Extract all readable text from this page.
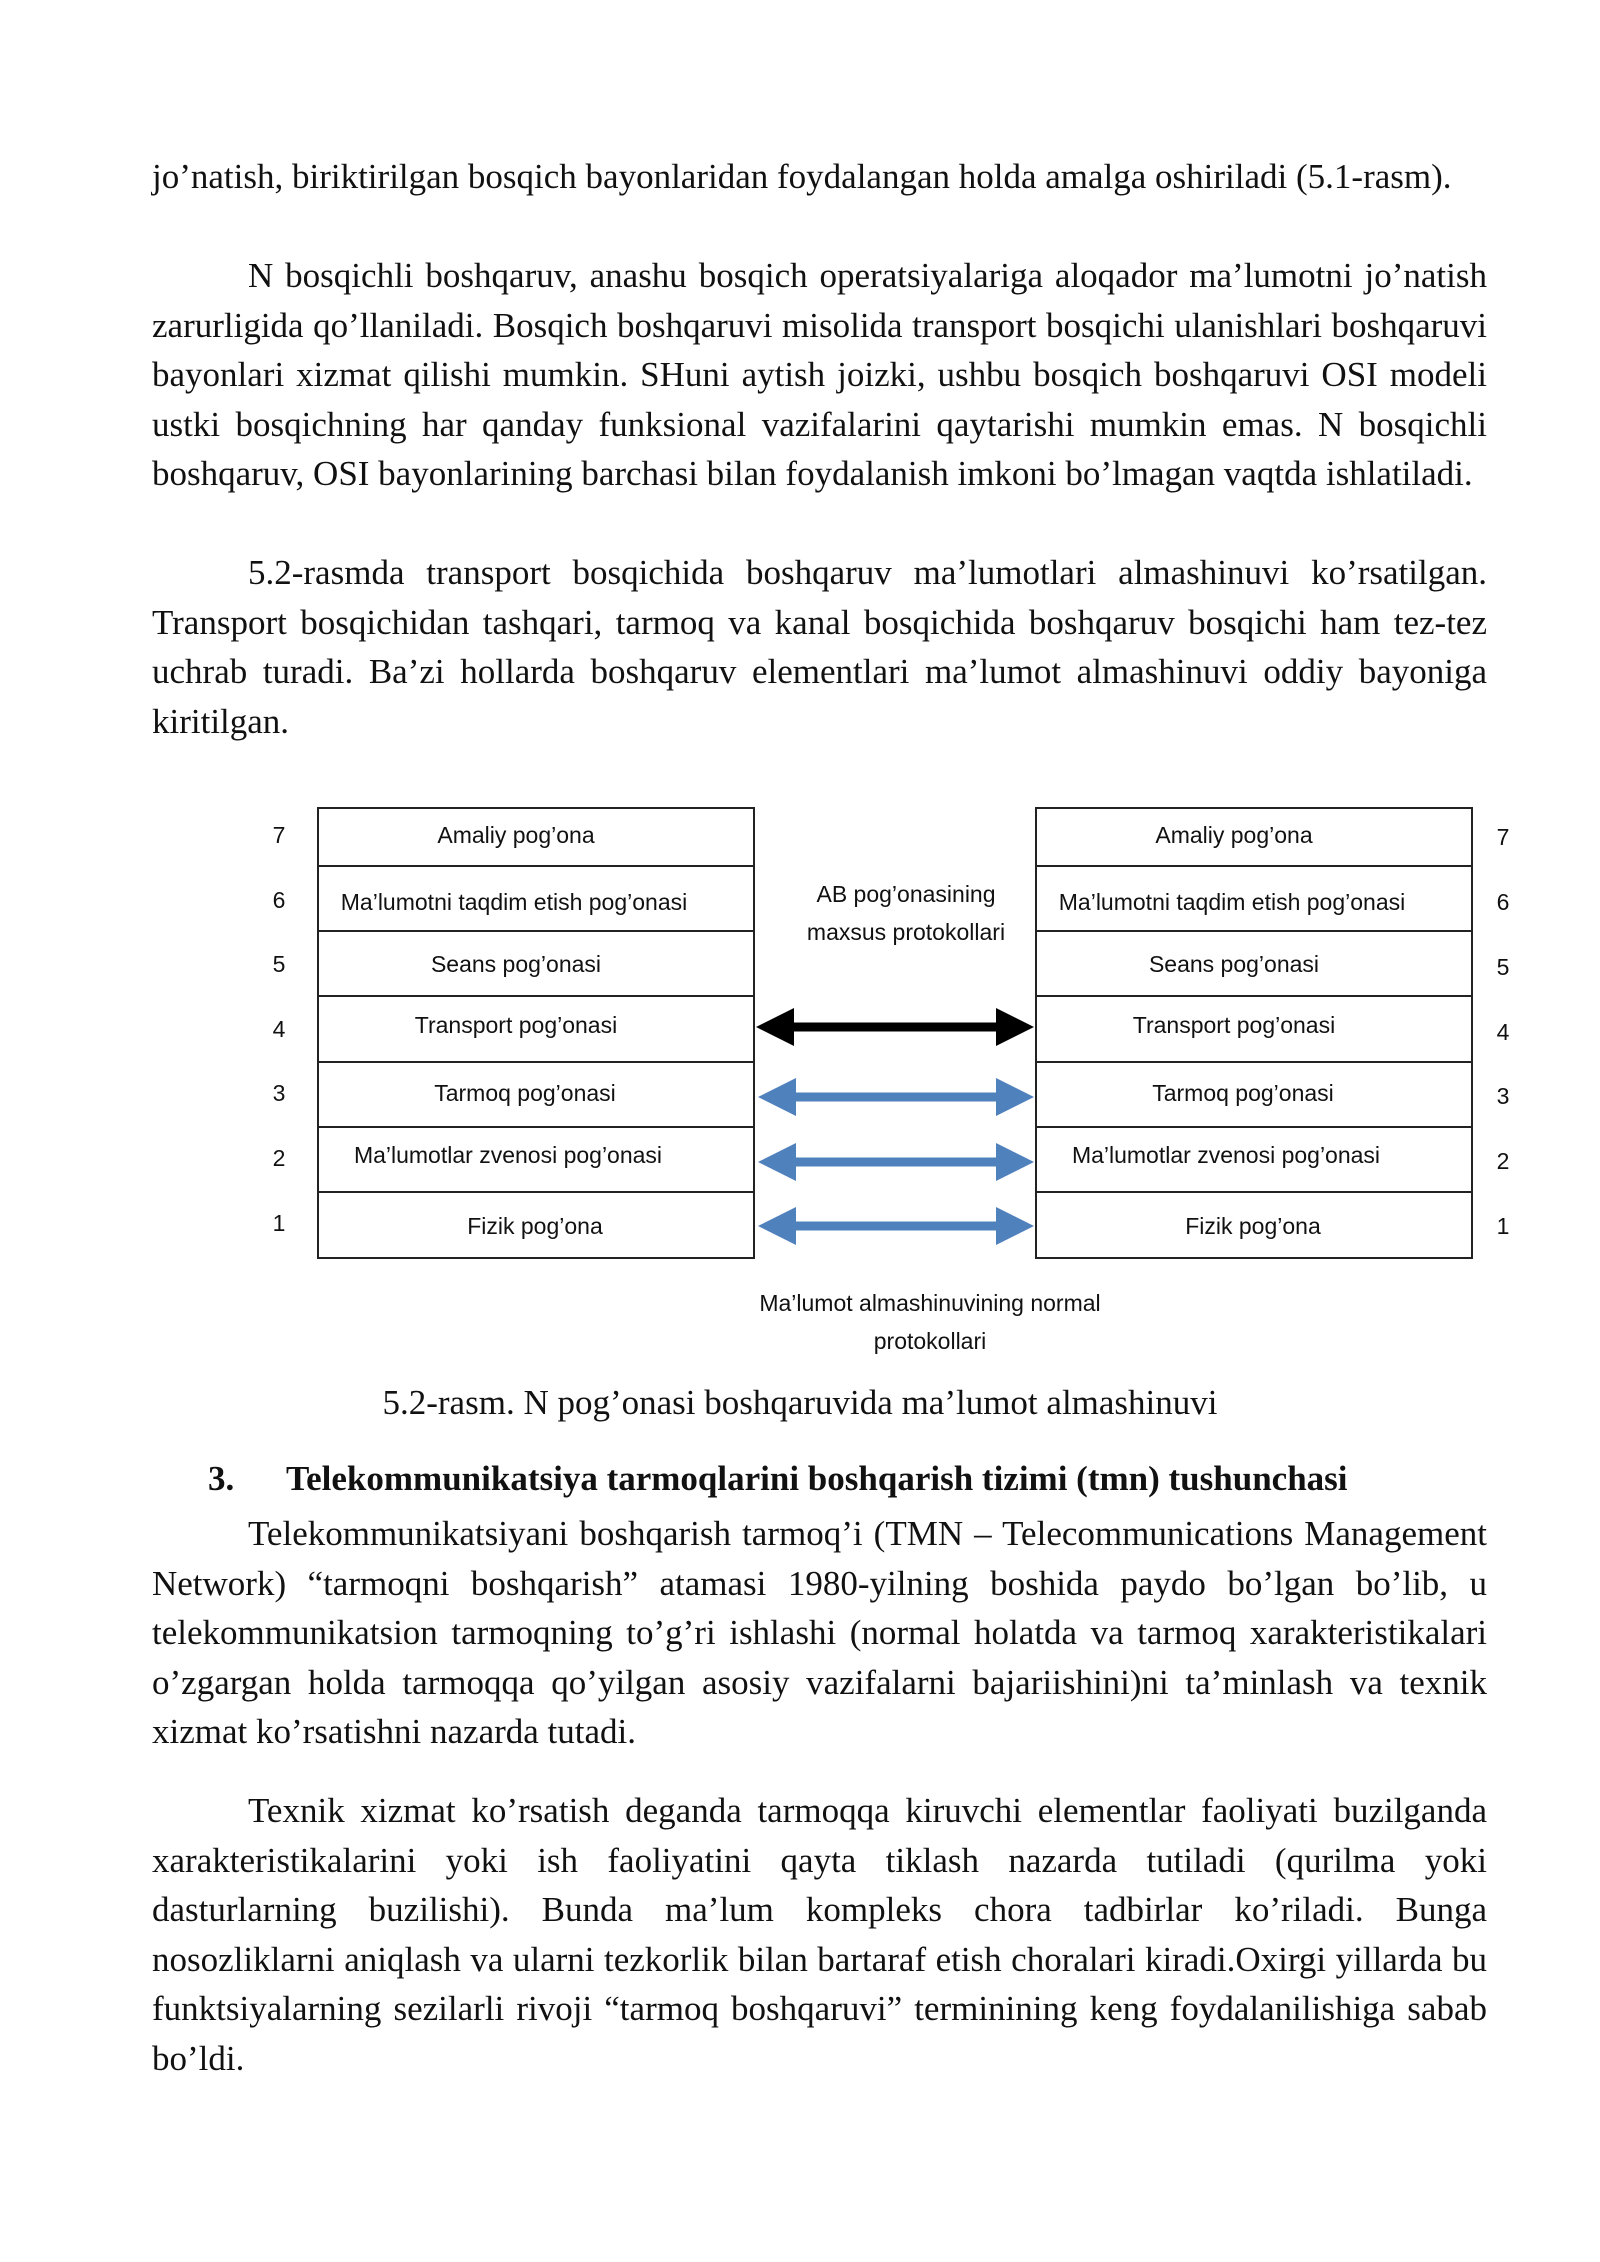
jo’natish, biriktirilgan bosqich bayonlaridan foydalangan holda amalga oshiriladi (5.1-rasm).

N bosqichli boshqaruv, anashu bosqich operatsiyalariga aloqador ma’lumotni jo’natish zarurligida qo’llaniladi. Bosqich boshqaruvi misolida transport bosqichi ulanishlari boshqaruvi bayonlari xizmat qilishi mumkin. SHuni aytish joizki, ushbu bosqich boshqaruvi OSI modeli ustki bosqichning har qanday funksional vazifalarini qaytarishi mumkin emas. N bosqichli boshqaruv, OSI bayonlarining barchasi bilan foydalanish imkoni bo’lmagan vaqtda ishlatiladi.

5.2-rasmda transport bosqichida boshqaruv ma’lumotlari almashinuvi ko’rsatilgan. Transport bosqichidan tashqari, tarmoq va kanal bosqichida boshqaruv bosqichi ham tez-tez uchrab turadi. Ba’zi hollarda boshqaruv elementlari ma’lumot almashinuvi oddiy bayoniga kiritilgan.

Amaliy pog’ona
Ma’lumotni taqdim etish pog’onasi
Seans pog’onasi
Transport pog’onasi
Tarmoq pog’onasi
Ma’lumotlar zvenosi pog’onasi
Fizik pog’ona
Amaliy pog’ona
Ma’lumotni taqdim etish pog’onasi
Seans pog’onasi
Transport pog’onasi
Tarmoq pog’onasi
Ma’lumotlar zvenosi pog’onasi
Fizik pog’ona
7
6
5
4
3
2
1
7
6
5
4
3
2
1
AB pog’onasining
maxsus protokollari
Ma’lumot almashinuvining normal
protokollari

5.2-rasm. N pog’onasi boshqaruvida ma’lumot almashinuvi

3. Telekommunikatsiya tarmoqlarini boshqarish tizimi (tmn) tushunchasi

Telekommunikatsiyani boshqarish tarmoq’i (TMN – Telecommunications Management Network) “tarmoqni boshqarish” atamasi 1980-yilning boshida paydo bo’lgan bo’lib, u telekommunikatsion tarmoqning to’g’ri ishlashi (normal holatda va tarmoq xarakteristikalari o’zgargan holda tarmoqqa qo’yilgan asosiy vazifalarni bajariishini)ni ta’minlash va texnik xizmat ko’rsatishni nazarda tutadi.

Texnik xizmat ko’rsatish deganda tarmoqqa kiruvchi elementlar faoliyati buzilganda xarakteristikalarini yoki ish faoliyatini qayta tiklash nazarda tutiladi (qurilma yoki dasturlarning buzilishi). Bunda ma’lum kompleks chora tadbirlar ko’riladi. Bunga nosozliklarni aniqlash va ularni tezkorlik bilan bartaraf etish choralari kiradi.Oxirgi yillarda bu funktsiyalarning sezilarli rivoji “tarmoq boshqaruvi” terminining keng foydalanilishiga sabab bo’ldi.
